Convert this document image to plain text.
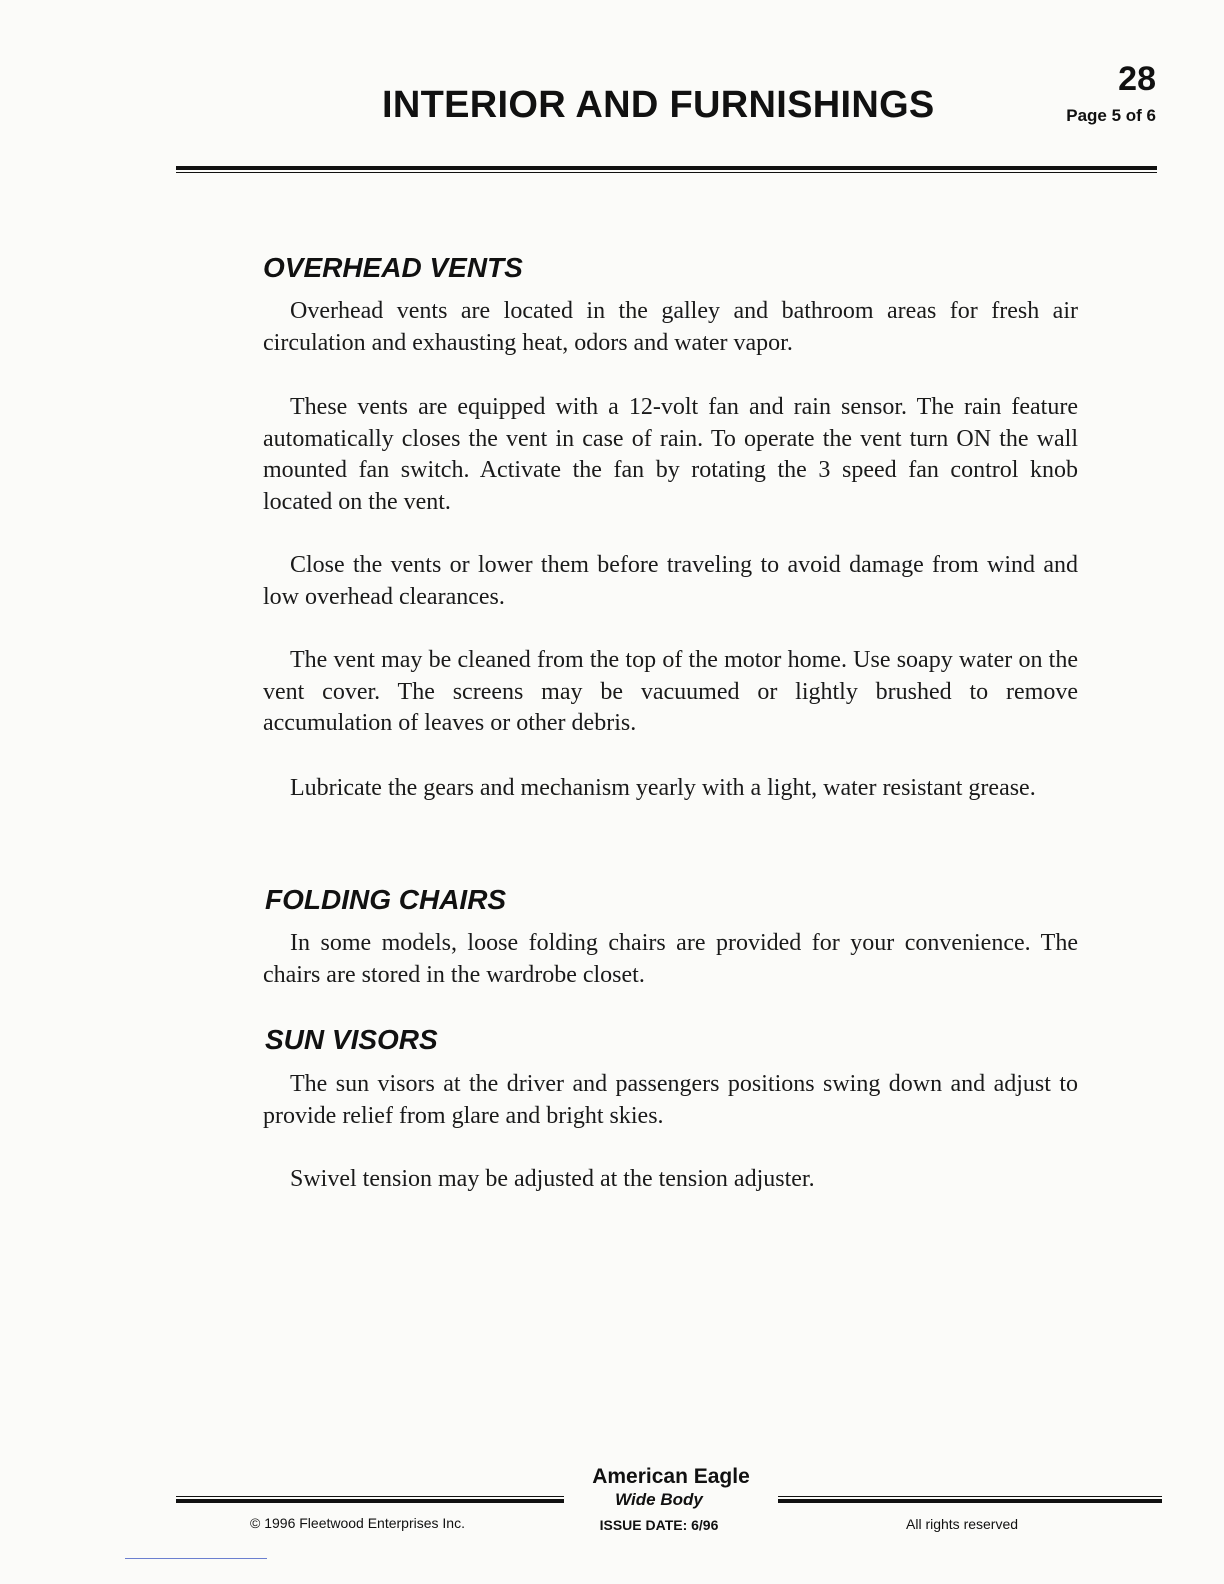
INTERIOR AND FURNISHINGS
28
Page 5 of 6
OVERHEAD VENTS

Overhead vents are located in the galley and bathroom areas for fresh air circulation and exhausting heat, odors and water vapor.

These vents are equipped with a 12-volt fan and rain sensor. The rain feature automatically closes the vent in case of rain. To operate the vent turn ON the wall mounted fan switch. Activate the fan by rotating the 3 speed fan control knob located on the vent.

Close the vents or lower them before traveling to avoid damage from wind and low overhead clearances.

The vent may be cleaned from the top of the motor home. Use soapy water on the vent cover. The screens may be vacuumed or lightly brushed to remove accumulation of leaves or other debris.

Lubricate the gears and mechanism yearly with a light, water resistant grease.

FOLDING CHAIRS

In some models, loose folding chairs are provided for your convenience. The chairs are stored in the wardrobe closet.

SUN VISORS

The sun visors at the driver and passengers positions swing down and adjust to provide relief from glare and bright skies.

Swivel tension may be adjusted at the tension adjuster.

American Eagle
Wide Body
ISSUE DATE: 6/96
© 1996 Fleetwood Enterprises Inc.	All rights reserved
